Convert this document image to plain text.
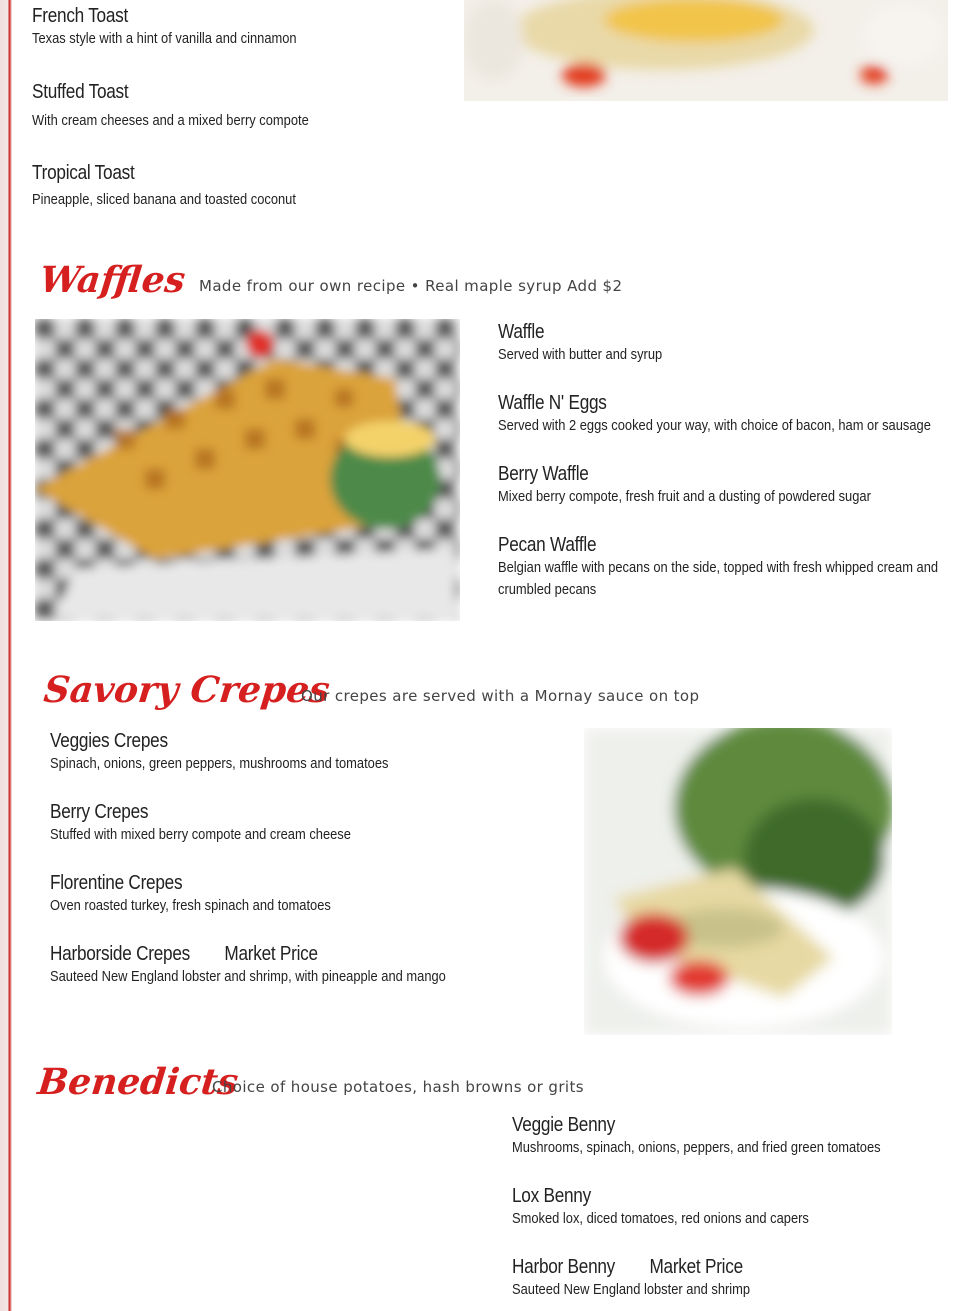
French Toast
Texas style with a hint of vanilla and cinnamon
Stuffed Toast
With cream cheeses and a mixed berry compote
Tropical Toast
Pineapple, sliced banana and toasted coconut
Waffles Made from our own recipe • Real maple syrup Add $2
Waffle
Served with butter and syrup
Waffle N' Eggs
Served with 2 eggs cooked your way, with choice of bacon, ham or sausage
Berry Waffle
Mixed berry compote, fresh fruit and a dusting of powdered sugar
Pecan Waffle
Belgian waffle with pecans on the side, topped with fresh whipped cream and crumbled pecans
Savory Crepes
Our crepes are served with a Mornay sauce on top
Veggies Crepes
Spinach, onions, green peppers, mushrooms and tomatoes
Berry Crepes
Stuffed with mixed berry compote and cream cheese
Florentine Crepes
Oven roasted turkey, fresh spinach and tomatoes
Harborside Crepes Market Price
Sauteed New England lobster and shrimp, with pineapple and mango
Benedicts
Choice of house potatoes, hash browns or grits
Veggie Benny
Mushrooms, spinach, onions, peppers, and fried green tomatoes
Lox Benny
Smoked lox, diced tomatoes, red onions and capers
Harbor Benny Market Price
Sauteed New England lobster and shrimp
